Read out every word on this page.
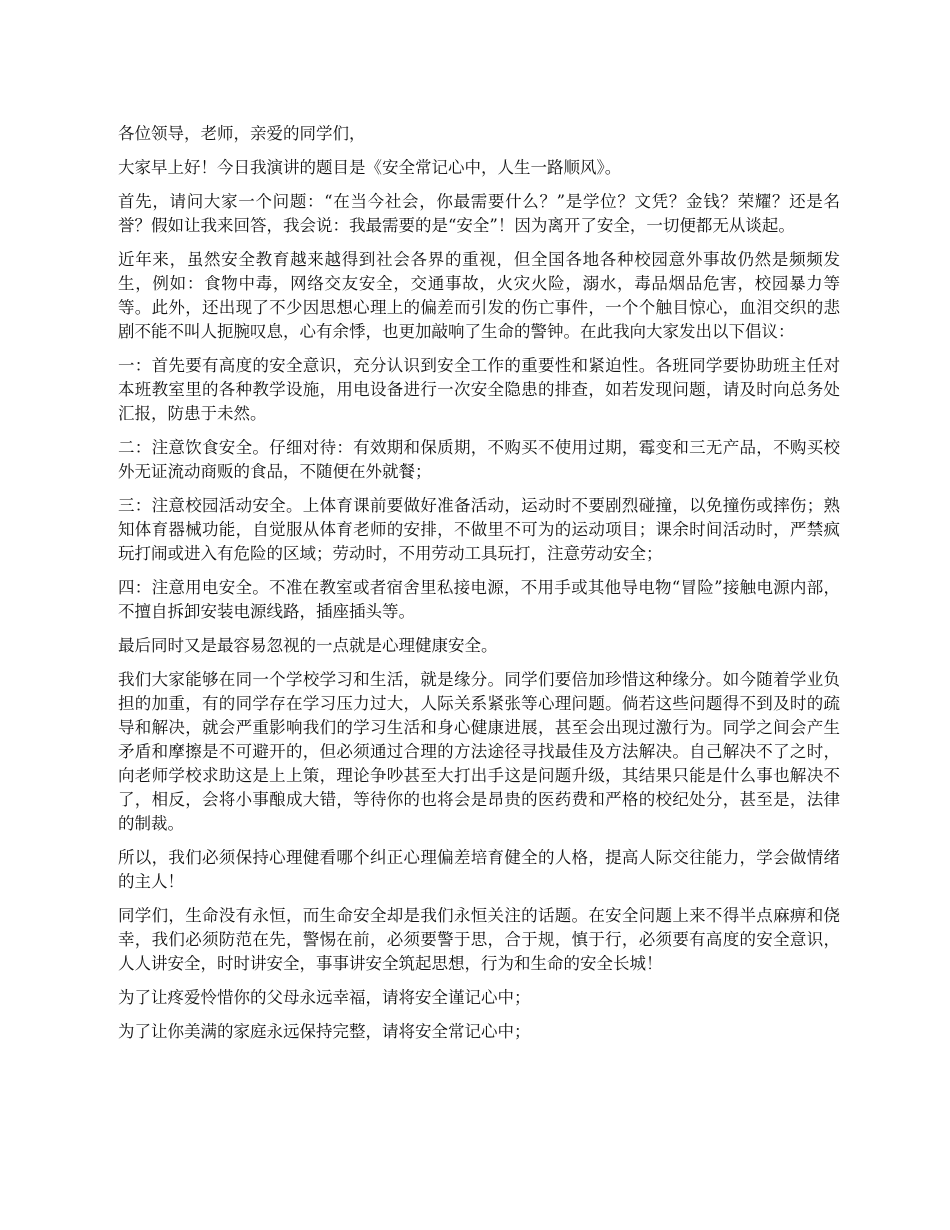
各位领导，老师，亲爱的同学们，

大家早上好！今日我演讲的题目是《安全常记心中，人生一路顺风》。

首先，请问大家一个问题：“在当今社会，你最需要什么？”是学位？文凭？金钱？荣耀？还是名誉？假如让我来回答，我会说：我最需要的是“安全”！因为离开了安全，一切便都无从谈起。

近年来，虽然安全教育越来越得到社会各界的重视，但全国各地各种校园意外事故仍然是频频发生，例如：食物中毒，网络交友安全，交通事故，火灾火险，溺水，毒品烟品危害，校园暴力等等。此外，还出现了不少因思想心理上的偏差而引发的伤亡事件，一个个触目惊心，血泪交织的悲剧不能不叫人扼腕叹息，心有余悸，也更加敲响了生命的警钟。在此我向大家发出以下倡议：

一：首先要有高度的安全意识，充分认识到安全工作的重要性和紧迫性。各班同学要协助班主任对本班教室里的各种教学设施，用电设备进行一次安全隐患的排查，如若发现问题，请及时向总务处汇报，防患于未然。

二：注意饮食安全。仔细对待：有效期和保质期，不购买不使用过期，霉变和三无产品，不购买校外无证流动商贩的食品，不随便在外就餐；

三：注意校园活动安全。上体育课前要做好准备活动，运动时不要剧烈碰撞，以免撞伤或摔伤；熟知体育器械功能，自觉服从体育老师的安排，不做里不可为的运动项目；课余时间活动时，严禁疯玩打闹或进入有危险的区域；劳动时，不用劳动工具玩打，注意劳动安全；

四：注意用电安全。不准在教室或者宿舍里私接电源，不用手或其他导电物“冒险”接触电源内部，不擅自拆卸安装电源线路，插座插头等。

最后同时又是最容易忽视的一点就是心理健康安全。

我们大家能够在同一个学校学习和生活，就是缘分。同学们要倍加珍惜这种缘分。如今随着学业负担的加重，有的同学存在学习压力过大，人际关系紧张等心理问题。倘若这些问题得不到及时的疏导和解决，就会严重影响我们的学习生活和身心健康进展，甚至会出现过激行为。同学之间会产生矛盾和摩擦是不可避开的，但必须通过合理的方法途径寻找最佳及方法解决。自己解决不了之时，向老师学校求助这是上上策，理论争吵甚至大打出手这是问题升级，其结果只能是什么事也解决不了，相反，会将小事酿成大错，等待你的也将会是昂贵的医药费和严格的校纪处分，甚至是，法律的制裁。

所以，我们必须保持心理健看哪个纠正心理偏差培育健全的人格，提高人际交往能力，学会做情绪的主人！

同学们，生命没有永恒，而生命安全却是我们永恒关注的话题。在安全问题上来不得半点麻痹和侥幸，我们必须防范在先，警惕在前，必须要警于思，合于规，慎于行，必须要有高度的安全意识，人人讲安全，时时讲安全，事事讲安全筑起思想，行为和生命的安全长城！

为了让疼爱怜惜你的父母永远幸福，请将安全谨记心中；

为了让你美满的家庭永远保持完整，请将安全常记心中；
